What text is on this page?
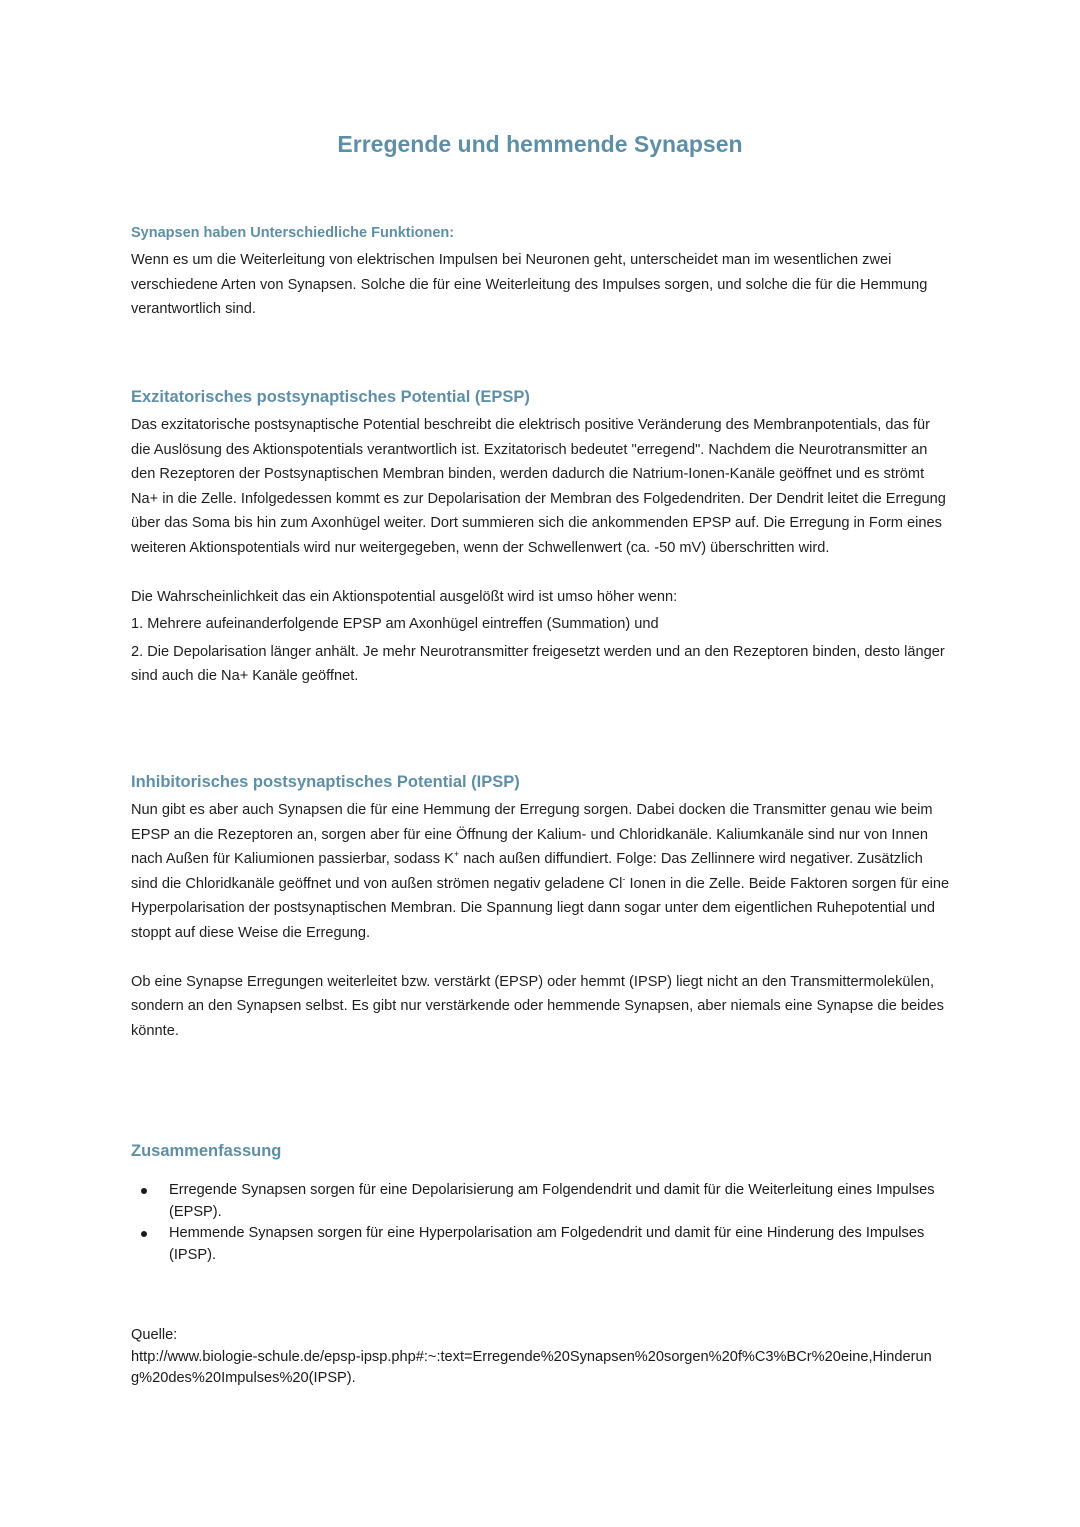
Erregende und hemmende Synapsen
Synapsen haben Unterschiedliche Funktionen:

Wenn es um die Weiterleitung von elektrischen Impulsen bei Neuronen geht, unterscheidet man im wesentlichen zwei verschiedene Arten von Synapsen. Solche die für eine Weiterleitung des Impulses sorgen, und solche die für die Hemmung verantwortlich sind.

Exzitatorisches postsynaptisches Potential (EPSP)

Das exzitatorische postsynaptische Potential beschreibt die elektrisch positive Veränderung des Membranpotentials, das für die Auslösung des Aktionspotentials verantwortlich ist. Exzitatorisch bedeutet "erregend". Nachdem die Neurotransmitter an den Rezeptoren der Postsynaptischen Membran binden, werden dadurch die Natrium-Ionen-Kanäle geöffnet und es strömt Na+ in die Zelle. Infolgedessen kommt es zur Depolarisation der Membran des Folgedendriten. Der Dendrit leitet die Erregung über das Soma bis hin zum Axonhügel weiter. Dort summieren sich die ankommenden EPSP auf. Die Erregung in Form eines weiteren Aktionspotentials wird nur weitergegeben, wenn der Schwellenwert (ca. -50 mV) überschritten wird.

Die Wahrscheinlichkeit das ein Aktionspotential ausgelößt wird ist umso höher wenn:

1. Mehrere aufeinanderfolgende EPSP am Axonhügel eintreffen (Summation) und

2. Die Depolarisation länger anhält. Je mehr Neurotransmitter freigesetzt werden und an den Rezeptoren binden, desto länger sind auch die Na+ Kanäle geöffnet.

Inhibitorisches postsynaptisches Potential (IPSP)

Nun gibt es aber auch Synapsen die für eine Hemmung der Erregung sorgen. Dabei docken die Transmitter genau wie beim EPSP an die Rezeptoren an, sorgen aber für eine Öffnung der Kalium- und Chloridkanäle. Kaliumkanäle sind nur von Innen nach Außen für Kaliumionen passierbar, sodass K+ nach außen diffundiert. Folge: Das Zellinnere wird negativer. Zusätzlich sind die Chloridkanäle geöffnet und von außen strömen negativ geladene Cl- Ionen in die Zelle. Beide Faktoren sorgen für eine Hyperpolarisation der postsynaptischen Membran. Die Spannung liegt dann sogar unter dem eigentlichen Ruhepotential und stoppt auf diese Weise die Erregung.

Ob eine Synapse Erregungen weiterleitet bzw. verstärkt (EPSP) oder hemmt (IPSP) liegt nicht an den Transmittermolekülen, sondern an den Synapsen selbst. Es gibt nur verstärkende oder hemmende Synapsen, aber niemals eine Synapse die beides könnte.

Zusammenfassung
Erregende Synapsen sorgen für eine Depolarisierung am Folgendendrit und damit für die Weiterleitung eines Impulses (EPSP).
Hemmende Synapsen sorgen für eine Hyperpolarisation am Folgedendrit und damit für eine Hinderung des Impulses (IPSP).

Quelle:

http://www.biologie-schule.de/epsp-ipsp.php#:~:text=Erregende%20Synapsen%20sorgen%20f%C3%BCr%20eine,Hinderung%20des%20Impulses%20(IPSP).
